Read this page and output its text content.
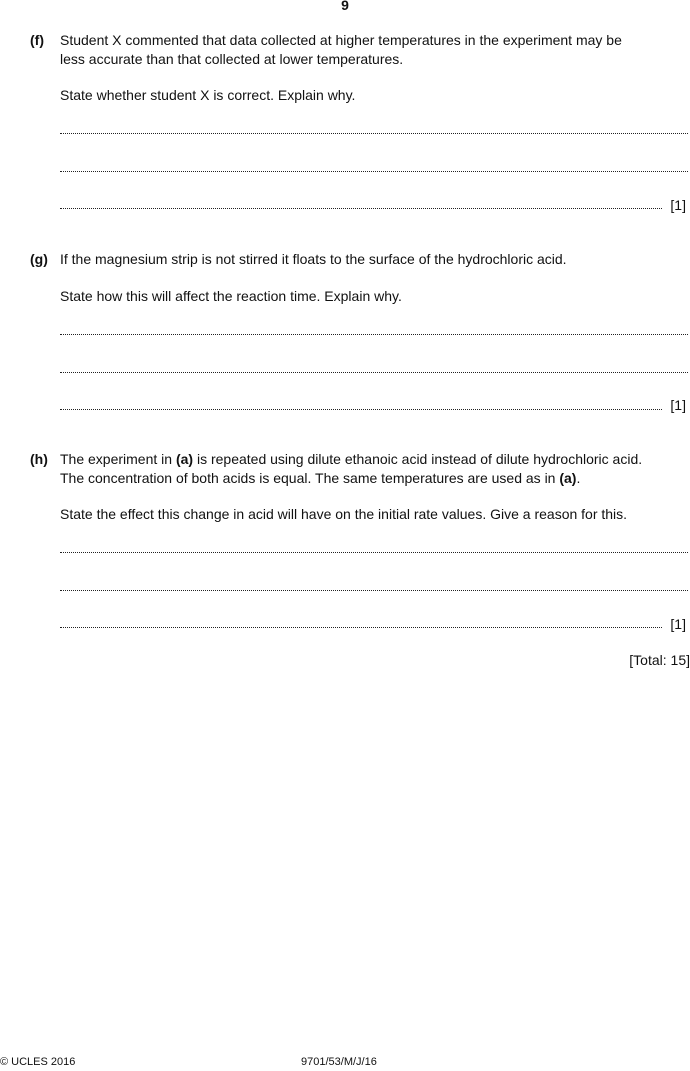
9
(f) Student X commented that data collected at higher temperatures in the experiment may be
less accurate than that collected at lower temperatures.
State whether student X is correct. Explain why.
[1]
(g) If the magnesium strip is not stirred it floats to the surface of the hydrochloric acid.
State how this will affect the reaction time. Explain why.
[1]
(h) The experiment in (a) is repeated using dilute ethanoic acid instead of dilute hydrochloric acid.
The concentration of both acids is equal. The same temperatures are used as in (a).
State the effect this change in acid will have on the initial rate values. Give a reason for this.
[1]
[Total: 15]
© UCLES 2016	9701/53/M/J/16
